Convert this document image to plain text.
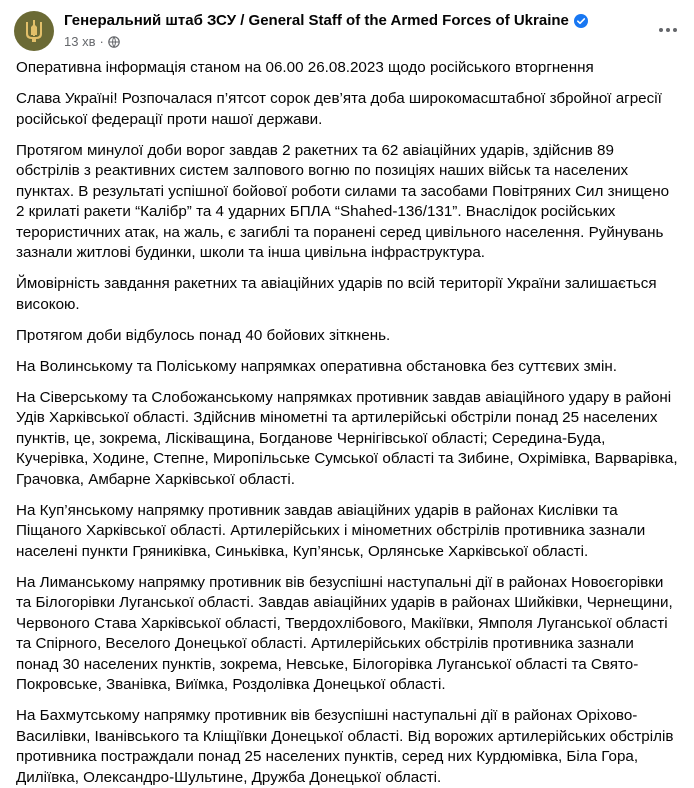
Генеральний штаб ЗСУ / General Staff of the Armed Forces of Ukraine
13 хв ·

Оперативна інформація станом на 06.00 26.08.2023 щодо російського вторгнення

Слава Україні! Розпочалася п’ятсот сорок дев’ята доба широкомасштабної збройної агресії російської федерації проти нашої держави.

Протягом минулої доби ворог завдав 2 ракетних та 62 авіаційних ударів, здійснив 89 обстрілів з реактивних систем залпового вогню по позиціях наших військ та населених пунктах. В результаті успішної бойової роботи силами та засобами Повітряних Сил знищено 2 крилаті ракети “Калібр” та 4 ударних БПЛА “Shahed-136/131”. Внаслідок російських терористичних атак, на жаль, є загиблі та поранені серед цивільного населення. Руйнувань зазнали житлові будинки, школи та інша цивільна інфраструктура.

Ймовірність завдання ракетних та авіаційних ударів по всій території України залишається високою.

Протягом доби відбулось понад 40 бойових зіткнень.

На Волинському та Поліському напрямках оперативна обстановка без суттєвих змін.

На Сіверському та Слобожанському напрямках противник завдав авіаційного удару в районі Удів Харківської області. Здійснив мінометні та артилерійські обстріли понад 25 населених пунктів, це, зокрема, Лісківащина, Богданове Чернігівської області; Середина-Буда, Кучерівка, Ходине, Степне, Миропільське Сумської області та Зибине, Охрімівка, Варварівка, Грачовка, Амбарне Харківської області.

На Куп’янському напрямку противник завдав авіаційних ударів в районах Кислівки та Піщаного Харківської області. Артилерійських і мінометних обстрілів противника зазнали населені пункти Гряниківка, Синьківка, Куп’янськ, Орлянське Харківської області.

На Лиманському напрямку противник вів безуспішні наступальні дії в районах Новоєгорівки та Білогорівки Луганської області. Завдав авіаційних ударів в районах Шийківки, Чернещини, Червоного Става Харківської області, Твердохлібового, Макіївки, Ямполя Луганської області та Спірного, Веселого Донецької області. Артилерійських обстрілів противника зазнали понад 30 населених пунктів, зокрема, Невське, Білогорівка Луганської області та Свято-Покровське, Званівка, Виїмка, Роздолівка Донецької області.

На Бахмутському напрямку противник вів безуспішні наступальні дії в районах Оріхово-Василівки, Іванівського та Кліщіївки Донецької області. Від ворожих артилерійських обстрілів противника постраждали понад 25 населених пунктів, серед них Курдюмівка, Біла Гора, Диліївка, Олександро-Шультине, Дружба Донецької області.
